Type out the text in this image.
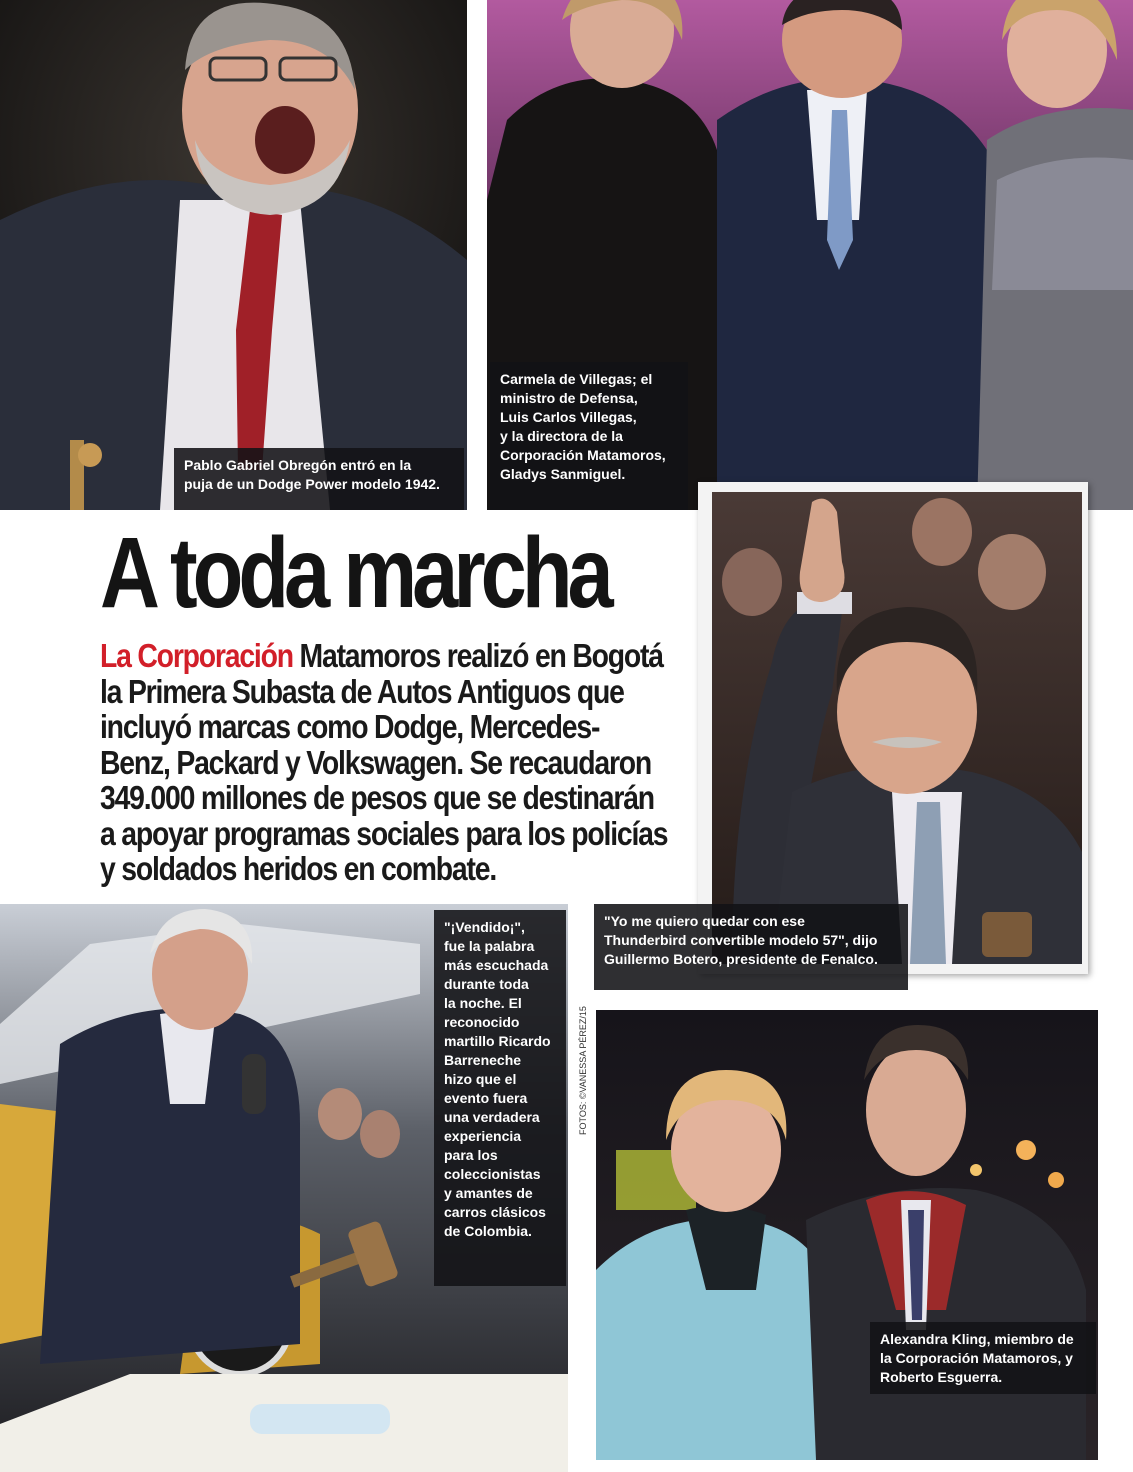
Pablo Gabriel Obregón entró en la
puja de un Dodge Power modelo 1942.
Carmela de Villegas; el
ministro de Defensa,
Luis Carlos Villegas,
y la directora de la
Corporación Matamoros,
Gladys Sanmiguel.
A toda marcha

La Corporación Matamoros realizó en Bogotá
la Primera Subasta de Autos Antiguos que
incluyó marcas como Dodge, Mercedes-
Benz, Packard y Volkswagen. Se recaudaron
349.000 millones de pesos que se destinarán
a apoyar programas sociales para los policías
y soldados heridos en combate.

"Yo me quiero quedar con ese
Thunderbird convertible modelo 57", dijo
Guillermo Botero, presidente de Fenalco.
"¡Vendido¡",
fue la palabra
más escuchada
durante toda
la noche. El
reconocido
martillo Ricardo
Barreneche
hizo que el
evento fuera
una verdadera
experiencia
para los
coleccionistas
y amantes de
carros clásicos
de Colombia.
FOTOS: ©VANESSA PÉREZ/15
Alexandra Kling, miembro de
la Corporación Matamoros, y
Roberto Esguerra.
